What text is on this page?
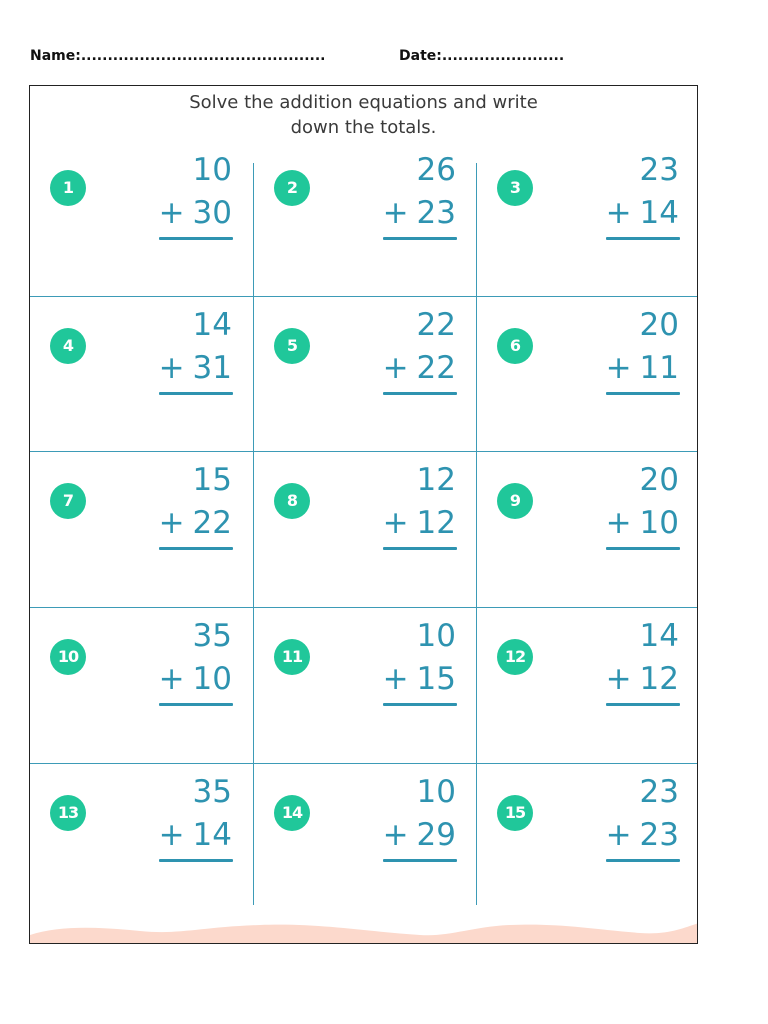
Name:..............................................	Date:.......................
Solve the addition equations and write
down the totals.
1	10
+ 30
2	26
+ 23
3	23
+ 14
4
14
+ 31
5
22
+ 22
6
20
+ 11
7
15
+ 22
8
12
+ 12
9
20
+ 10
10
35
+ 10
11
10
+ 15
12
14
+ 12
13
35
+ 14
14
10
+ 29
15
23
+ 23
